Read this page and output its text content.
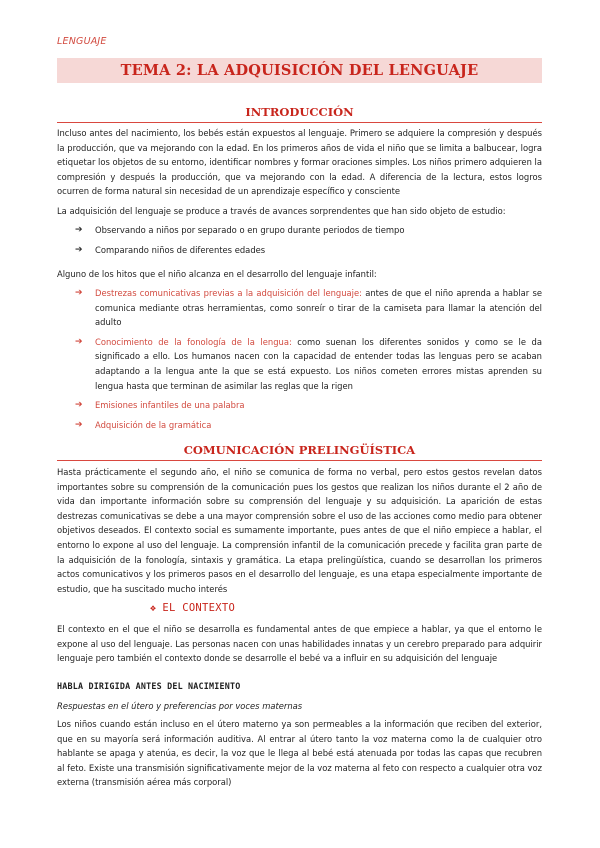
LENGUAJE
TEMA 2: LA ADQUISICIÓN DEL LENGUAJE
INTRODUCCIÓN
Incluso antes del nacimiento, los bebés están expuestos al lenguaje. Primero se adquiere la compresión y después la producción, que va mejorando con la edad. En los primeros años de vida el niño que se limita a balbucear, logra etiquetar los objetos de su entorno, identificar nombres y formar oraciones simples. Los niños primero adquieren la compresión y después la producción, que va mejorando con la edad. A diferencia de la lectura, estos logros ocurren de forma natural sin necesidad de un aprendizaje específico y consciente
La adquisición del lenguaje se produce a través de avances sorprendentes que han sido objeto de estudio:
➔ Observando a niños por separado o en grupo durante periodos de tiempo
➔ Comparando niños de diferentes edades
Alguno de los hitos que el niño alcanza en el desarrollo del lenguaje infantil:
➔ Destrezas comunicativas previas a la adquisición del lenguaje: antes de que el niño aprenda a hablar se comunica mediante otras herramientas, como sonreír o tirar de la camiseta para llamar la atención del adulto
➔ Conocimiento de la fonología de la lengua: como suenan los diferentes sonidos y como se le da significado a ello. Los humanos nacen con la capacidad de entender todas las lenguas pero se acaban adaptando a la lengua ante la que se está expuesto. Los niños cometen errores mistas aprenden su lengua hasta que terminan de asimilar las reglas que la rigen
➔ Emisiones infantiles de una palabra
➔ Adquisición de la gramática
COMUNICACIÓN PRELINGÜÍSTICA
Hasta prácticamente el segundo año, el niño se comunica de forma no verbal, pero estos gestos revelan datos importantes sobre su comprensión de la comunicación pues los gestos que realizan los niños durante el 2 año de vida dan importante información sobre su comprensión del lenguaje y su adquisición. La aparición de estas destrezas comunicativas se debe a una mayor comprensión sobre el uso de las acciones como medio para obtener objetivos deseados. El contexto social es sumamente importante, pues antes de que el niño empiece a hablar, el entorno lo expone al uso del lenguaje. La comprensión infantil de la comunicación precede y facilita gran parte de la adquisición de la fonología, sintaxis y gramática. La etapa prelingüística, cuando se desarrollan los primeros actos comunicativos y los primeros pasos en el desarrollo del lenguaje, es una etapa especialmente importante de estudio, que ha suscitado mucho interés
❖ EL CONTEXTO
El contexto en el que el niño se desarrolla es fundamental antes de que empiece a hablar, ya que el entorno le expone al uso del lenguaje. Las personas nacen con unas habilidades innatas y un cerebro preparado para adquirir lenguaje pero también el contexto donde se desarrolle el bebé va a influir en su adquisición del lenguaje
HABLA DIRIGIDA ANTES DEL NACIMIENTO
Respuestas en el útero y preferencias por voces maternas
Los niños cuando están incluso en el útero materno ya son permeables a la información que reciben del exterior, que en su mayoría será información auditiva. Al entrar al útero tanto la voz materna como la de cualquier otro hablante se apaga y atenúa, es decir, la voz que le llega al bebé está atenuada por todas las capas que recubren al feto. Existe una transmisión significativamente mejor de la voz materna al feto con respecto a cualquier otra voz externa (transmisión aérea más corporal)
